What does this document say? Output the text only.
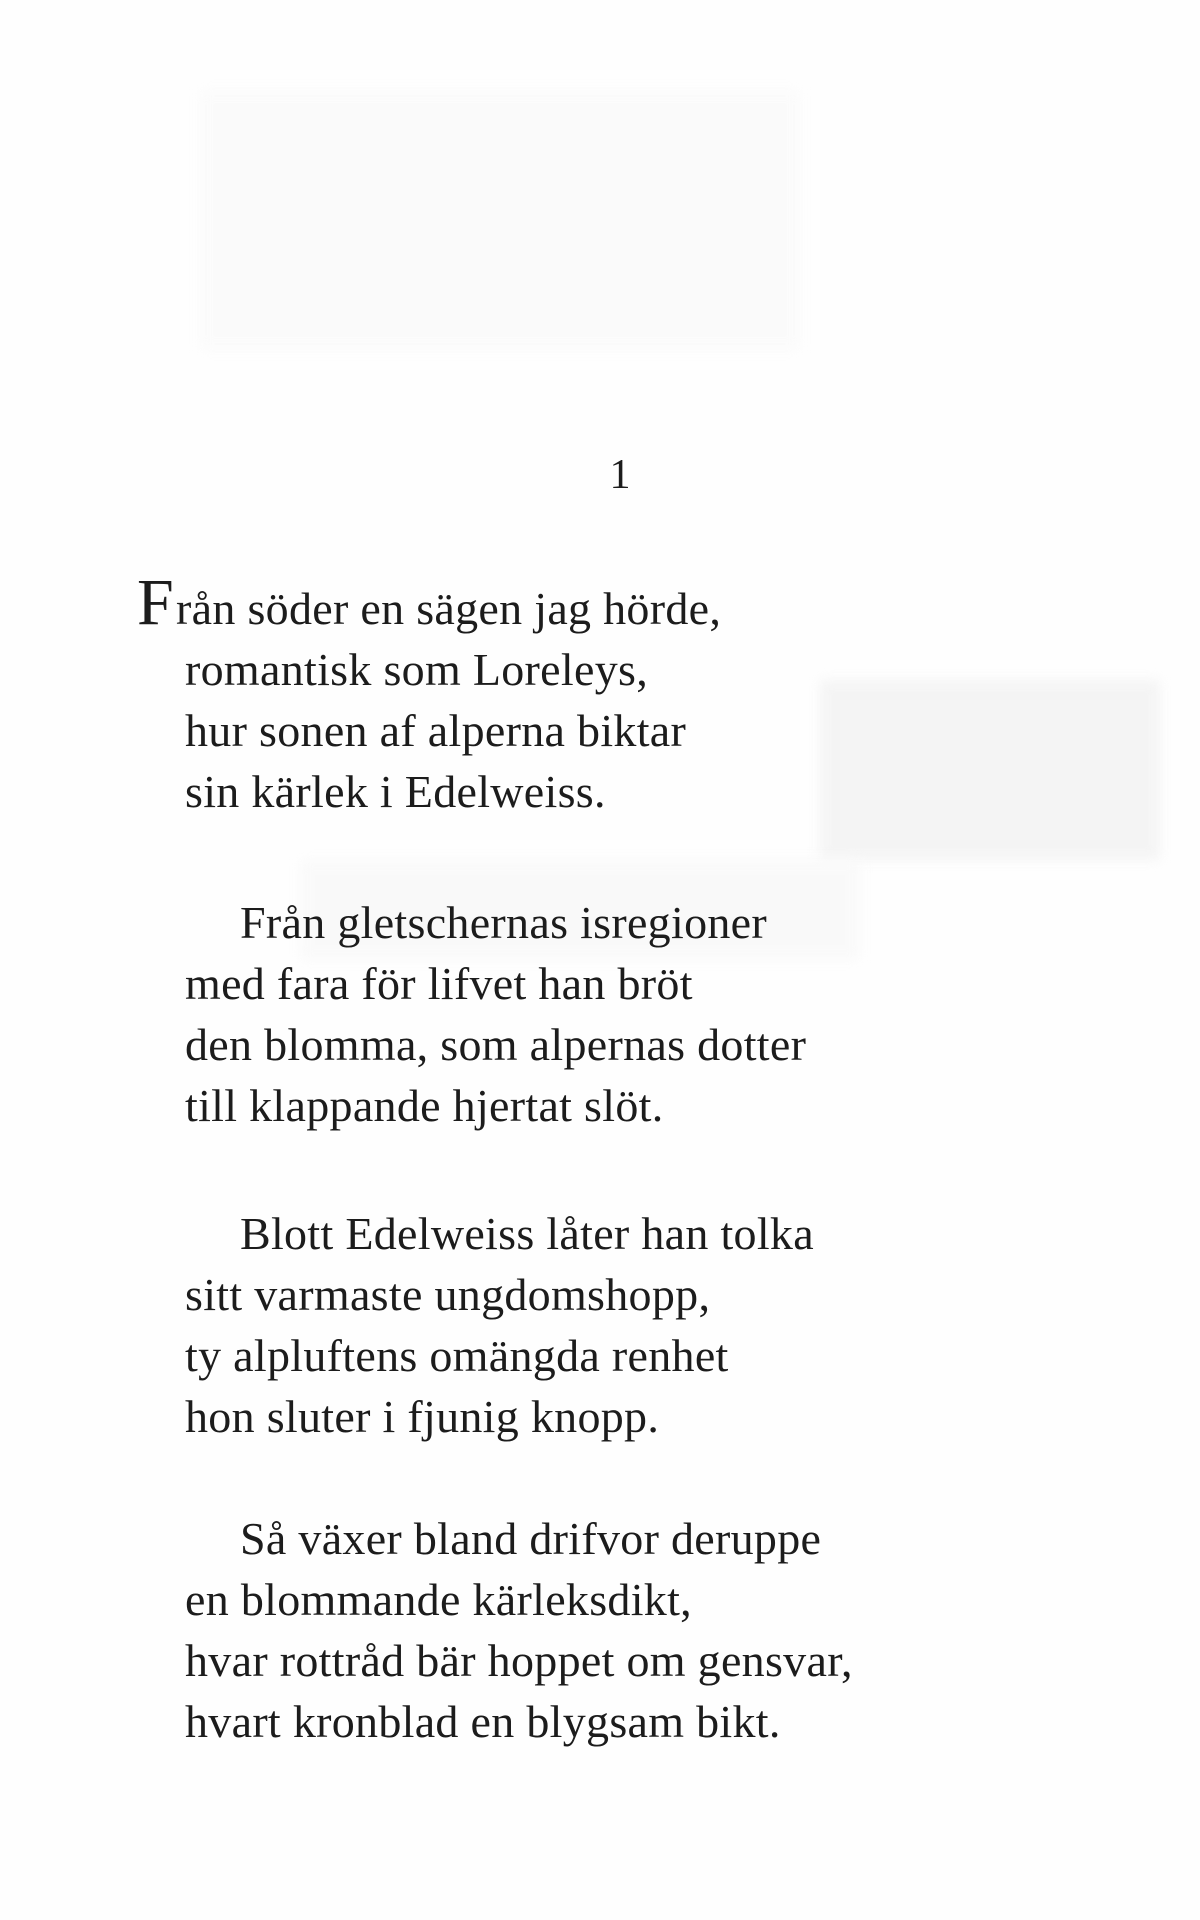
1
Från söder en sägen jag hörde,
romantisk som Loreleys,
hur sonen af alperna biktar
sin kärlek i Edelweiss.
Från gletschernas isregioner
med fara för lifvet han bröt
den blomma, som alpernas dotter
till klappande hjertat slöt.
Blott Edelweiss låter han tolka
sitt varmaste ungdomshopp,
ty alpluftens omängda renhet
hon sluter i fjunig knopp.
Så växer bland drifvor deruppe
en blommande kärleksdikt,
hvar rottråd bär hoppet om gensvar,
hvart kronblad en blygsam bikt.
